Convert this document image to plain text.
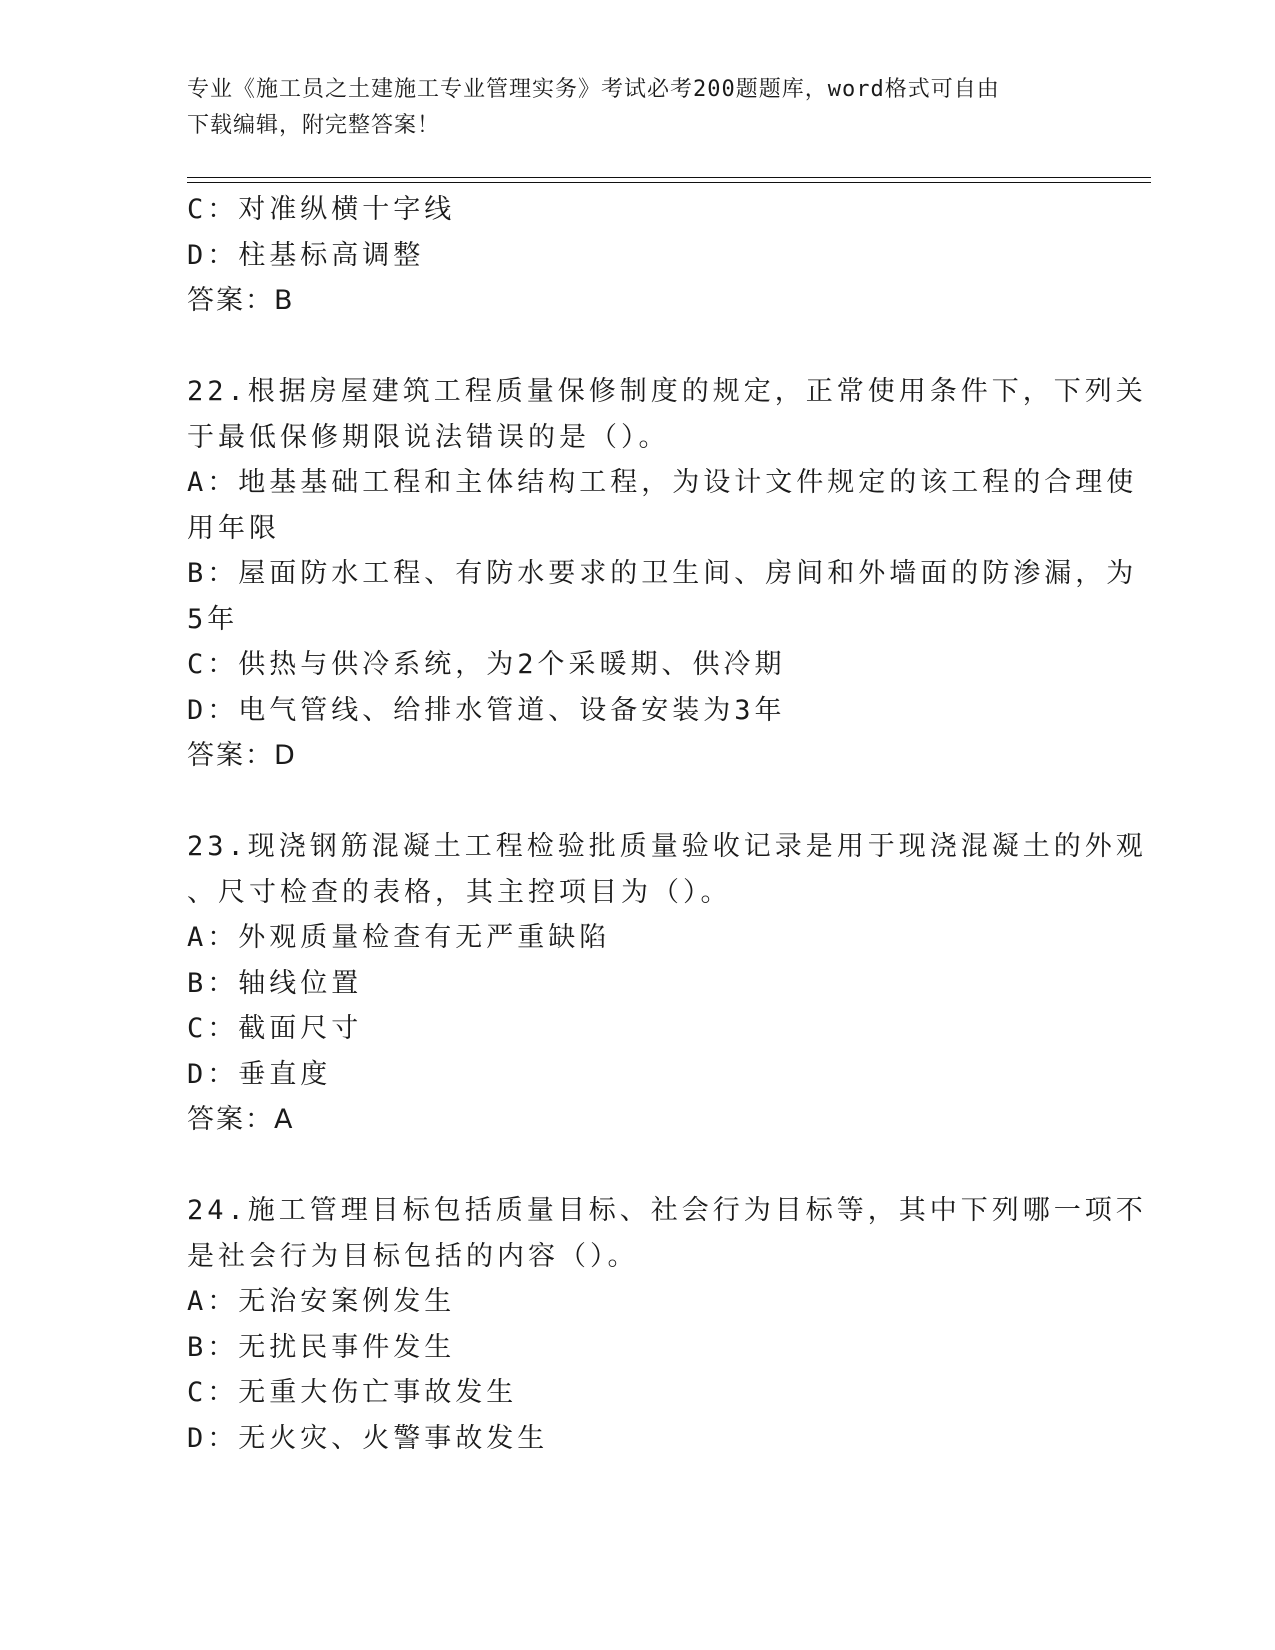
专业《施工员之土建施工专业管理实务》考试必考200题题库，word格式可自由
下载编辑，附完整答案！
C：对准纵横十字线
D：柱基标高调整
答案：B
22.根据房屋建筑工程质量保修制度的规定，正常使用条件下，下列关
于最低保修期限说法错误的是（）。
A：地基基础工程和主体结构工程，为设计文件规定的该工程的合理使
用年限
B：屋面防水工程、有防水要求的卫生间、房间和外墙面的防渗漏，为
5年
C：供热与供冷系统，为2个采暖期、供冷期
D：电气管线、给排水管道、设备安装为3年
答案：D
23.现浇钢筋混凝土工程检验批质量验收记录是用于现浇混凝土的外观
、尺寸检查的表格，其主控项目为（）。
A：外观质量检查有无严重缺陷
B：轴线位置
C：截面尺寸
D：垂直度
答案：A
24.施工管理目标包括质量目标、社会行为目标等，其中下列哪一项不
是社会行为目标包括的内容（）。
A：无治安案例发生
B：无扰民事件发生
C：无重大伤亡事故发生
D：无火灾、火警事故发生
